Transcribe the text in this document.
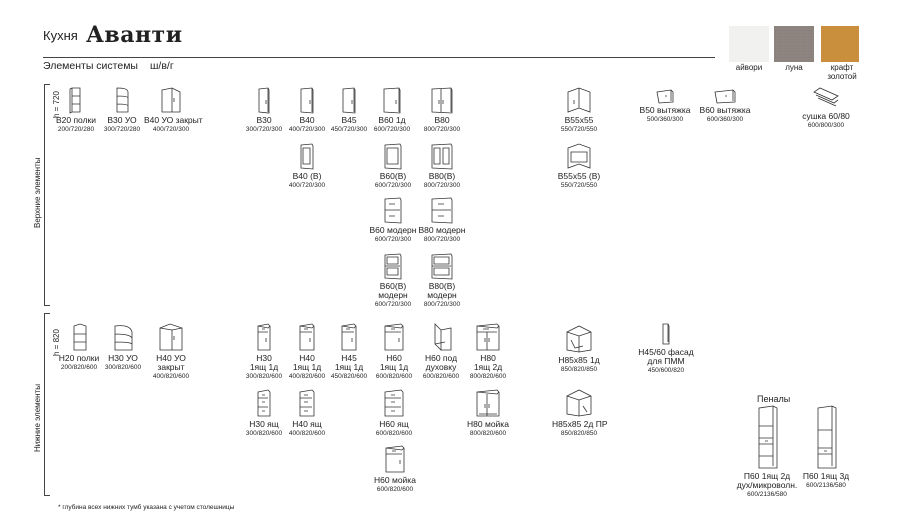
Кухня Аванти
Элементы системы ш/в/г	айвори	луна	крафт
золотой
h = 720
Верхние элементы
h = 820
Нижние элементы
В20 полки
200/720/280
В30 УО
300/720/280
В40 УО закрыт
400/720/300
В30
300/720/300
В40
400/720/300
В45
450/720/300
В60 1д
600/720/300
В80
800/720/300
В55х55
550/720/550
В50 вытяжка
500/360/300
В60 вытяжка
600/360/300	сушка 60/80
600/800/300
В40 (В)
400/720/300
В60(В)
600/720/300
В80(В)
800/720/300
В55х55 (В)
550/720/550
В60 модерн
600/720/300
В80 модерн
800/720/300
В60(В)
модерн
600/720/300
В80(В)
модерн
800/720/300
Н20 полки
200/820/600
Н30 УО
300/820/600
Н40 УО
закрыт
400/820/600
Н30
1ящ 1д
300/820/600
Н40
1ящ 1д
400/820/600
Н45
1ящ 1д
450/820/600
Н60
1ящ 1д
600/820/600
Н60 под
духовку
600/820/600
Н80
1ящ 2д
800/820/600
Н85х85 1д
850/820/850
Н45/60 фасад
для ПММ
450/600/820
Н30 ящ
300/820/600
Н40 ящ
400/820/600
Н60 ящ
600/820/600
Н80 мойка
800/820/600
Н85х85 2д ПР
850/820/850
Н60 мойка
600/820/600
Пеналы
П60 1ящ 2д
дух/микроволн.
600/2136/580
П60 1ящ 3д
600/2136/580
* глубина всех нижних тумб указана с учетом столешницы
